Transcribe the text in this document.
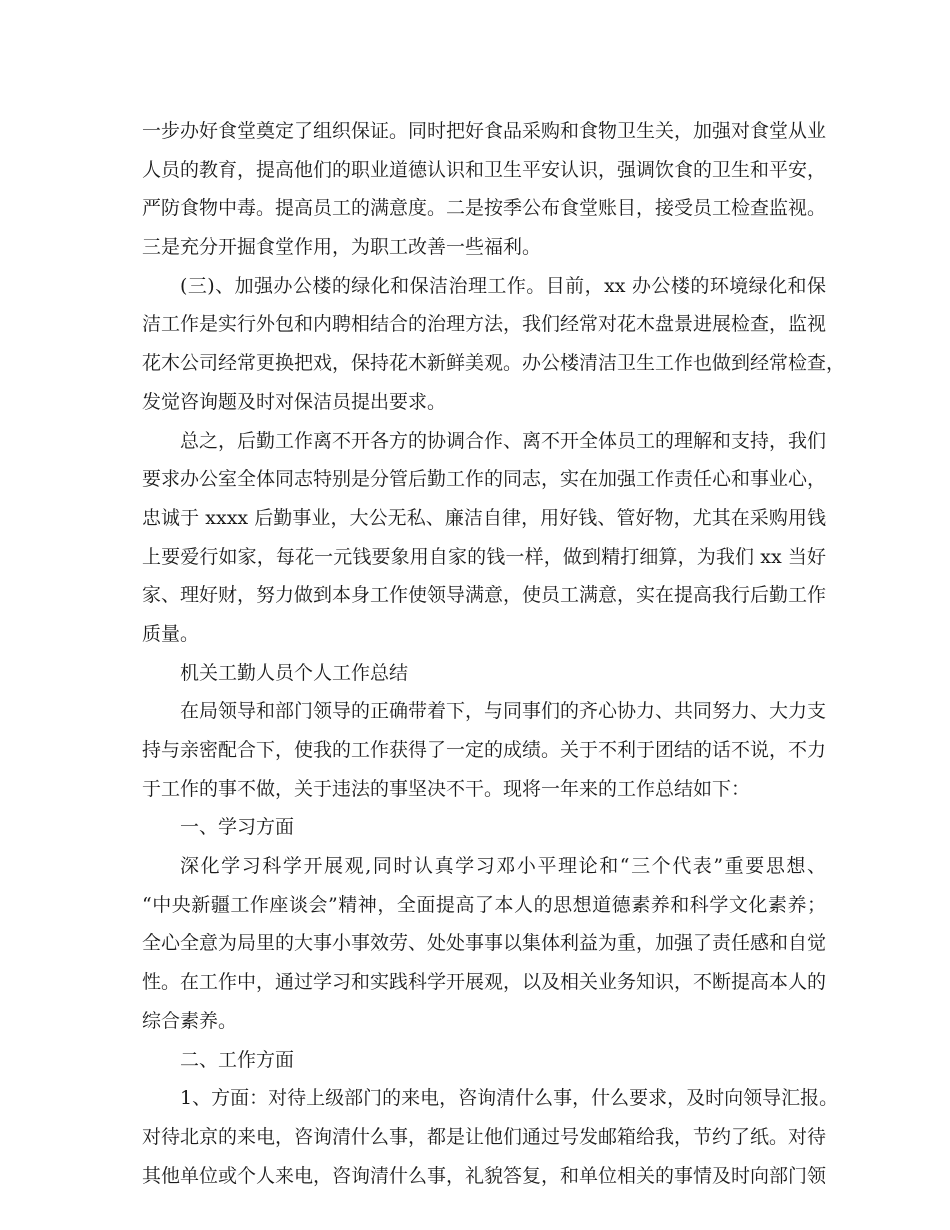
一步办好食堂奠定了组织保证。同时把好食品采购和食物卫生关，加强对食堂从业
人员的教育，提高他们的职业道德认识和卫生平安认识，强调饮食的卫生和平安，
严防食物中毒。提高员工的满意度。二是按季公布食堂账目，接受员工检查监视。
三是充分开掘食堂作用，为职工改善一些福利。
(三)、加强办公楼的绿化和保洁治理工作。目前，xx 办公楼的环境绿化和保
洁工作是实行外包和内聘相结合的治理方法，我们经常对花木盘景进展检查，监视
花木公司经常更换把戏，保持花木新鲜美观。办公楼清洁卫生工作也做到经常检查，
发觉咨询题及时对保洁员提出要求。
总之，后勤工作离不开各方的协调合作、离不开全体员工的理解和支持，我们
要求办公室全体同志特别是分管后勤工作的同志，实在加强工作责任心和事业心，
忠诚于 xxxx 后勤事业，大公无私、廉洁自律，用好钱、管好物，尤其在采购用钱
上要爱行如家，每花一元钱要象用自家的钱一样，做到精打细算，为我们 xx 当好
家、理好财，努力做到本身工作使领导满意，使员工满意，实在提高我行后勤工作
质量。
机关工勤人员个人工作总结
在局领导和部门领导的正确带着下，与同事们的齐心协力、共同努力、大力支
持与亲密配合下，使我的工作获得了一定的成绩。关于不利于团结的话不说，不力
于工作的事不做，关于违法的事坚决不干。现将一年来的工作总结如下：
一、学习方面
深化学习科学开展观,同时认真学习邓小平理论和“三个代表”重要思想、
“中央新疆工作座谈会”精神，全面提高了本人的思想道德素养和科学文化素养；
全心全意为局里的大事小事效劳、处处事事以集体利益为重，加强了责任感和自觉
性。在工作中，通过学习和实践科学开展观，以及相关业务知识，不断提高本人的
综合素养。
二、工作方面
1、方面：对待上级部门的来电，咨询清什么事，什么要求，及时向领导汇报。
对待北京的来电，咨询清什么事，都是让他们通过号发邮箱给我，节约了纸。对待
其他单位或个人来电，咨询清什么事，礼貌答复，和单位相关的事情及时向部门领
